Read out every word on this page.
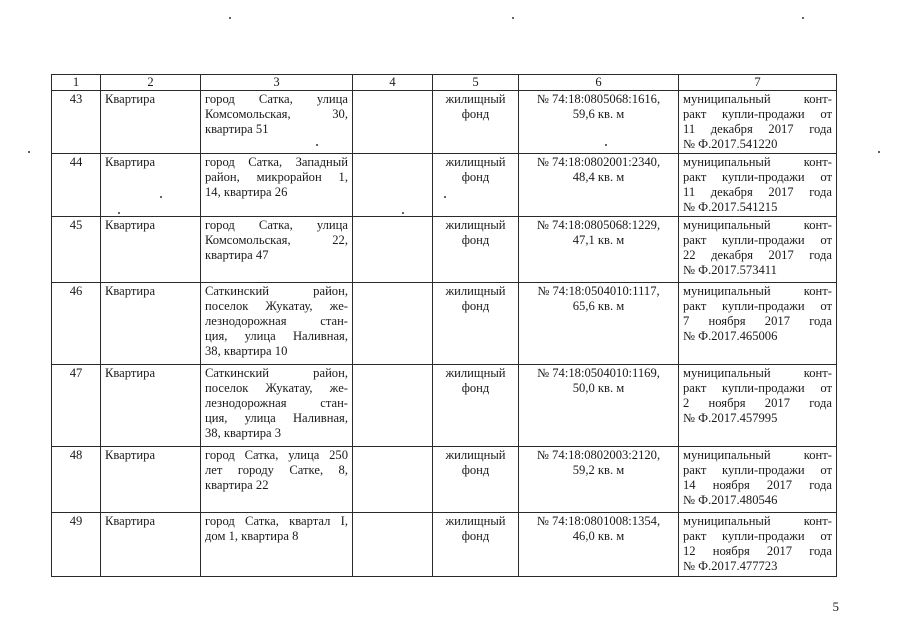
1	2	3	4	5	6	7
43	Квартира	город Сатка, улица
Комсомольская, 30,
квартира 51		жилищный
фонд	№ 74:18:0805068:1616,
59,6 кв. м	муниципальный конт-
ракт купли-продажи от
11 декабря 2017 года
№ Ф.2017.541220

44	Квартира	город Сатка, Западный
район, микрорайон 1,
14, квартира 26		жилищный
фонд	№ 74:18:0802001:2340,
48,4 кв. м	муниципальный конт-
ракт купли-продажи от
11 декабря 2017 года
№ Ф.2017.541215

45	Квартира	город Сатка, улица
Комсомольская, 22,
квартира 47		жилищный
фонд	№ 74:18:0805068:1229,
47,1 кв. м	муниципальный конт-
ракт купли-продажи от
22 декабря 2017 года
№ Ф.2017.573411

46	Квартира	Саткинский район,
поселок Жукатау, же-
лезнодорожная стан-
ция, улица Наливная,
38, квартира 10		жилищный
фонд	№ 74:18:0504010:1117,
65,6 кв. м	муниципальный конт-
ракт купли-продажи от
7 ноября 2017 года
№ Ф.2017.465006

47	Квартира	Саткинский район,
поселок Жукатау, же-
лезнодорожная стан-
ция, улица Наливная,
38, квартира 3		жилищный
фонд	№ 74:18:0504010:1169,
50,0 кв. м	муниципальный конт-
ракт купли-продажи от
2 ноября 2017 года
№ Ф.2017.457995

48	Квартира	город Сатка, улица 250
лет городу Сатке, 8,
квартира 22		жилищный
фонд	№ 74:18:0802003:2120,
59,2 кв. м	муниципальный конт-
ракт купли-продажи от
14 ноября 2017 года
№ Ф.2017.480546

49	Квартира	город Сатка, квартал I,
дом 1, квартира 8		жилищный
фонд	№ 74:18:0801008:1354,
46,0 кв. м	муниципальный конт-
ракт купли-продажи от
12 ноября 2017 года
№ Ф.2017.477723
5
